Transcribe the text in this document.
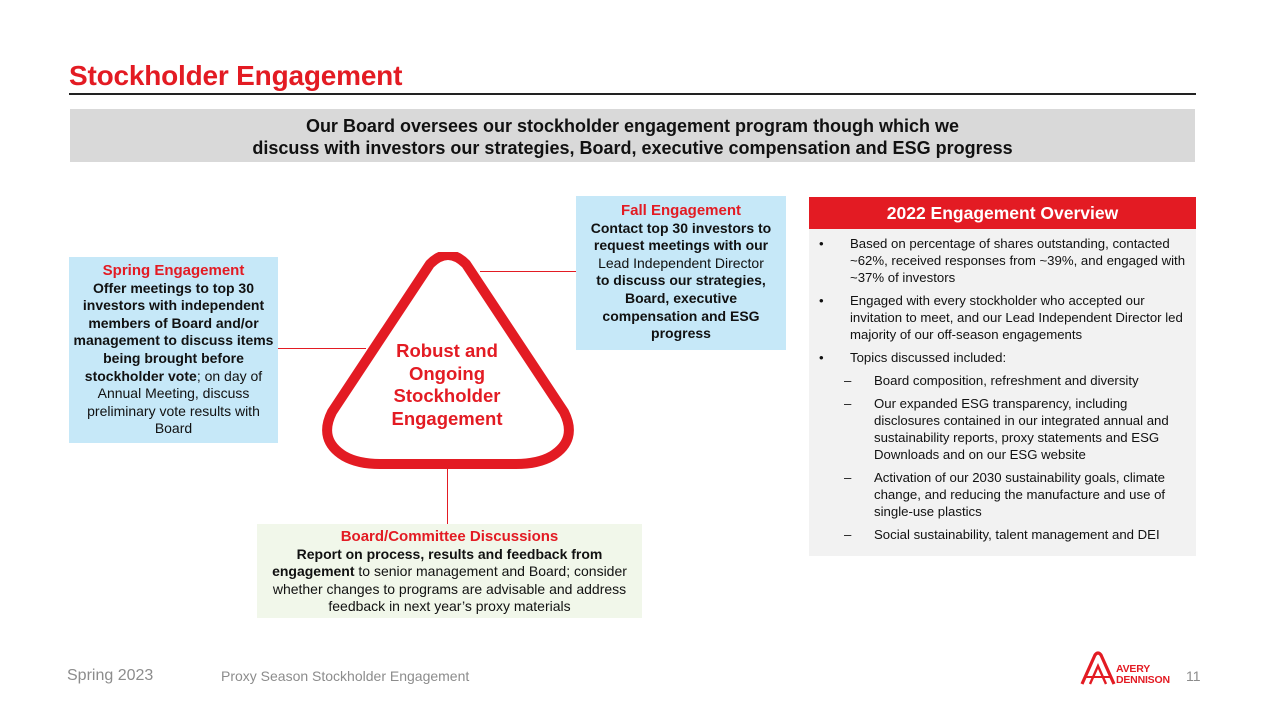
Stockholder Engagement
Our Board oversees our stockholder engagement program though which we
discuss with investors our strategies, Board, executive compensation and ESG progress
Robust and
Ongoing
Stockholder
Engagement
Spring Engagement
Offer meetings to top 30 investors with independent members of Board and/or management to discuss items being brought before stockholder vote; on day of Annual Meeting, discuss preliminary vote results with Board
Fall Engagement
Contact top 30 investors to request meetings with our
Lead Independent Director
to discuss our strategies, Board, executive compensation and ESG progress
Board/Committee Discussions
Report on process, results and feedback from engagement to senior management and Board; consider whether changes to programs are advisable and address feedback in next year’s proxy materials
2022 Engagement Overview
• Based on percentage of shares outstanding, contacted ~62%, received responses from ~39%, and engaged with ~37% of investors
• Engaged with every stockholder who accepted our invitation to meet, and our Lead Independent Director led majority of our off-season engagements
• Topics discussed included:
– Board composition, refreshment and diversity
– Our expanded ESG transparency, including disclosures contained in our integrated annual and sustainability reports, proxy statements and ESG Downloads and on our ESG website
– Activation of our 2030 sustainability goals, climate change, and reducing the manufacture and use of single-use plastics
– Social sustainability, talent management and DEI
Spring 2023	Proxy Season Stockholder Engagement	AVERY
DENNISON 11
